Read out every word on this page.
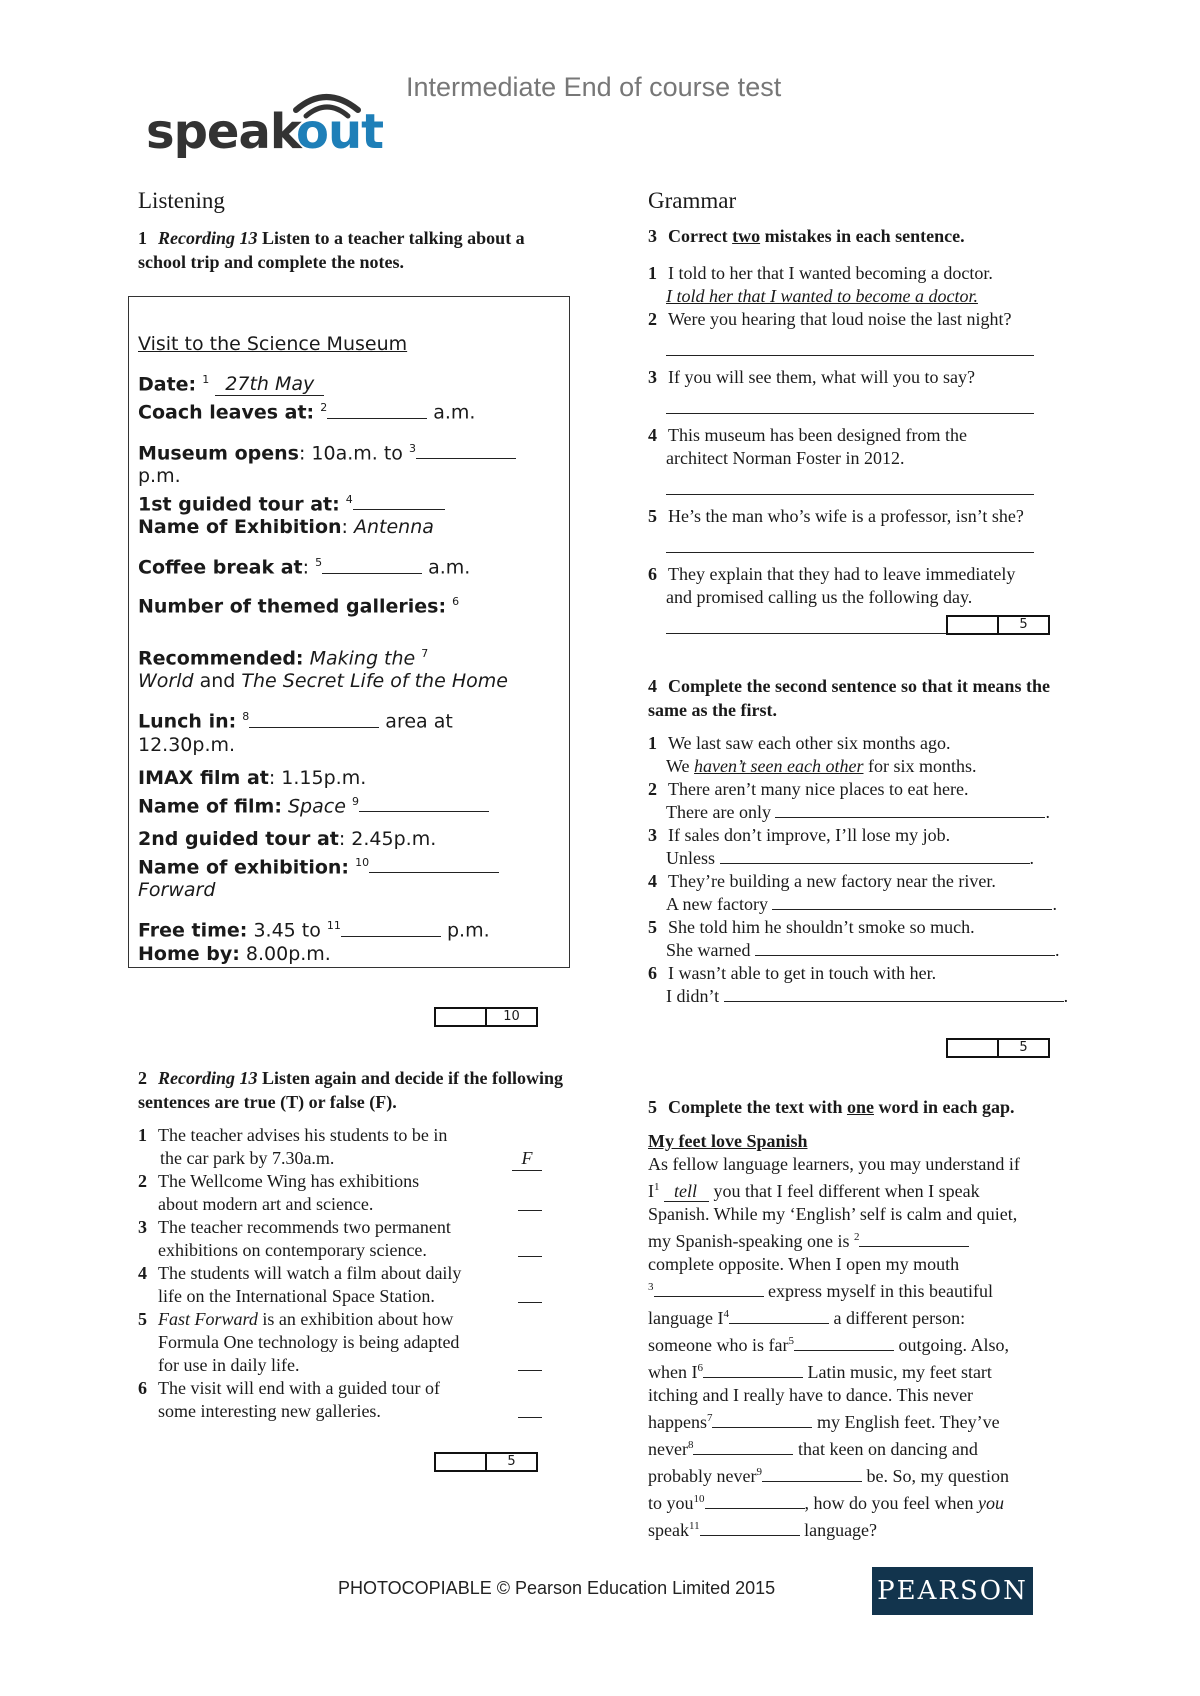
speak
out
Intermediate End of course test
Listening
1 Recording 13 Listen to a teacher talking about a school trip and complete the notes.
Visit to the Science Museum
Date: $^1$ 27th May
Coach leaves at: $^2$	a.m.
Museum opens: 10a.m. to $^3$
p.m.
1st guided tour at: $^4$
Name of Exhibition: Antenna
Coffee break at: $^5$	a.m.
Number of themed galleries: $^6$
Recommended: Making the $^7$
World and The Secret Life of the Home
Lunch in: $^8$	area at
12.30p.m.
IMAX film at: 1.15p.m.
Name of film: Space $^9$
2nd guided tour at: 2.45p.m.
Name of exhibition: $^{10}$
Forward
Free time: 3.45 to $^{11}$	p.m.
Home by: 8.00p.m.
10
2 Recording 13 Listen again and decide if the following sentences are true (T) or false (F).
1 The teacher advises his students to be in
the car park by 7.30a.m.	F
2 The Wellcome Wing has exhibitions
about modern art and science.
3 The teacher recommends two permanent
exhibitions on contemporary science.
4 The students will watch a film about daily
life on the International Space Station.
5 Fast Forward is an exhibition about how
Formula One technology is being adapted
for use in daily life.
6 The visit will end with a guided tour of
some interesting new galleries.
5
Grammar
3 Correct two mistakes in each sentence.
1 I told to her that I wanted becoming a doctor.
I told her that I wanted to become a doctor.
2 Were you hearing that loud noise the last night?
3 If you will see them, what will you to say?
4 This museum has been designed from the
architect Norman Foster in 2012.
5 He’s the man who’s wife is a professor, isn’t she?
6 They explain that they had to leave immediately
and promised calling us the following day.
5
4 Complete the second sentence so that it means the same as the first.
1 We last saw each other six months ago.
We haven’t seen each other for six months.
2 There aren’t many nice places to eat here.
There are only	.
3 If sales don’t improve, I’ll lose my job.
Unless	.
4 They’re building a new factory near the river.
A new factory	.
5 She told him he shouldn’t smoke so much.
She warned	.
6 I wasn’t able to get in touch with her.
I didn’t	.
5
5 Complete the text with one word in each gap.
My feet love Spanish
As fellow language learners, you may understand if
$I^1$ tell you that I feel different when I speak
Spanish. While my ‘English’ self is calm and quiet,
my Spanish-speaking one is $^2$
complete opposite. When I open my mouth
$^3$	express myself in this beautiful
language $I^4$	a different person:
someone who is far$^5$	outgoing. Also,
when $I^6$	Latin music, my feet start
itching and I really have to dance. This never
happens$^7$	my English feet. They’ve
never$^8$	that keen on dancing and
probably never$^9$	be. So, my question
to you$^{10}$	, how do you feel when you
speak$^{11}$	language?
PHOTOCOPIABLE © Pearson Education Limited 2015	PEARSON
